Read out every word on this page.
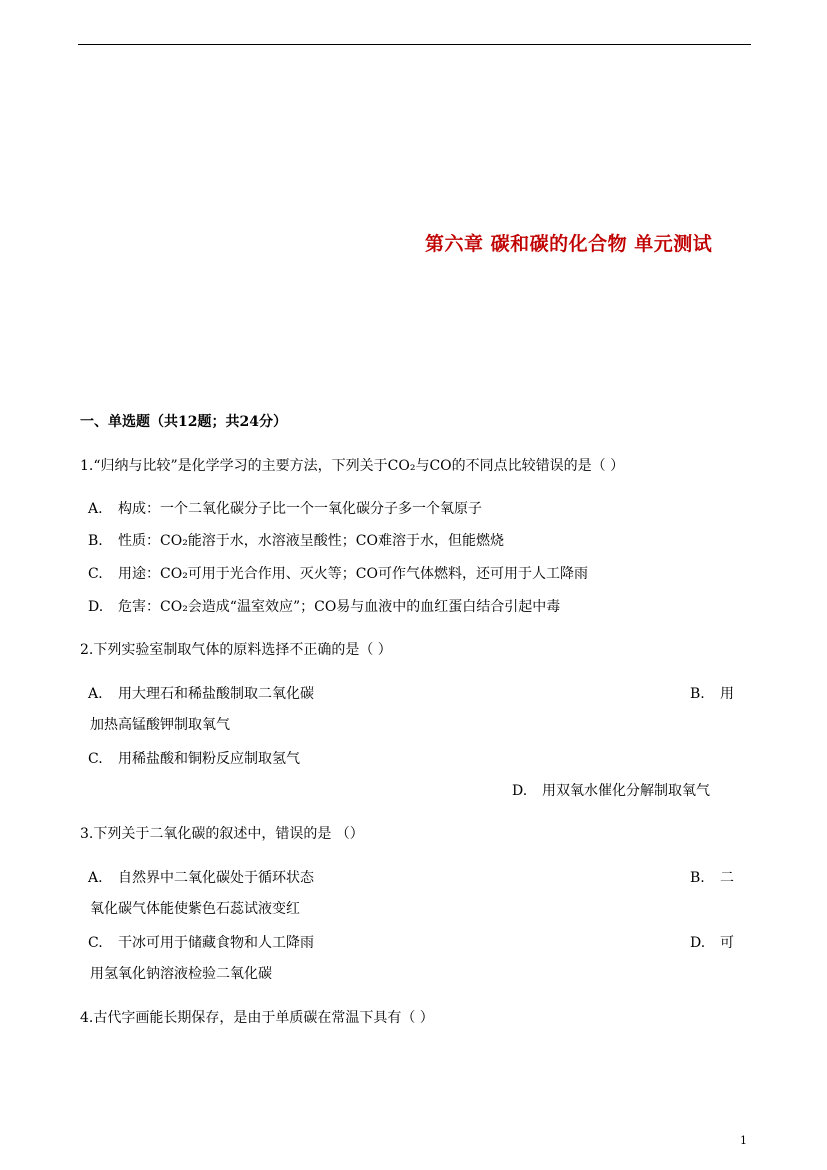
第六章 碳和碳的化合物 单元测试
一、单选题（共12题；共24分）
1.“归纳与比较”是化学学习的主要方法，下列关于CO₂与CO的不同点比较错误的是（ ）
A. 构成：一个二氧化碳分子比一个一氧化碳分子多一个氧原子
B. 性质：CO₂能溶于水，水溶液呈酸性；CO难溶于水，但能燃烧
C. 用途：CO₂可用于光合作用、灭火等；CO可作气体燃料，还可用于人工降雨
D. 危害：CO₂会造成“温室效应”；CO易与血液中的血红蛋白结合引起中毒
2.下列实验室制取气体的原料选择不正确的是（ ）
A. 用大理石和稀盐酸制取二氧化碳	B. 用
加热高锰酸钾制取氧气
C. 用稀盐酸和铜粉反应制取氢气
D. 用双氧水催化分解制取氧气
3.下列关于二氧化碳的叙述中，错误的是 （）
A. 自然界中二氧化碳处于循环状态	B. 二
氧化碳气体能使紫色石蕊试液变红
C. 干冰可用于储藏食物和人工降雨	D. 可
用氢氧化钠溶液检验二氧化碳
4.古代字画能长期保存，是由于单质碳在常温下具有（ ）
1
